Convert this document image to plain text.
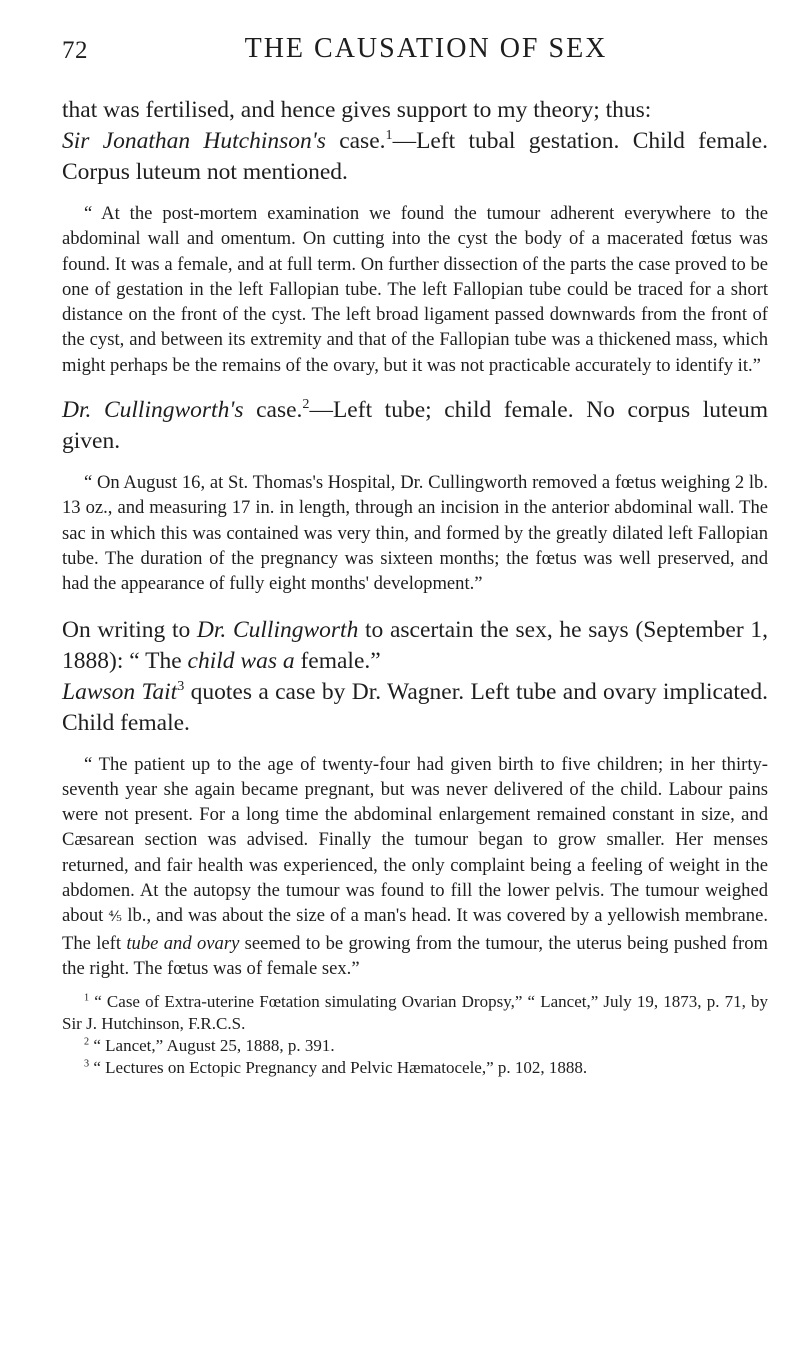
72	THE CAUSATION OF SEX

that was fertilised, and hence gives support to my theory; thus:

Sir Jonathan Hutchinson's case.$^1$—Left tubal gestation. Child female. Corpus luteum not mentioned.

“ At the post-mortem examination we found the tumour adherent everywhere to the abdominal wall and omentum. On cutting into the cyst the body of a macerated fœtus was found. It was a female, and at full term. On further dissection of the parts the case proved to be one of gestation in the left Fallopian tube. The left Fallopian tube could be traced for a short distance on the front of the cyst. The left broad ligament passed downwards from the front of the cyst, and between its extremity and that of the Fallopian tube was a thickened mass, which might perhaps be the remains of the ovary, but it was not practicable accurately to identify it.”

Dr. Cullingworth's case.$^2$—Left tube; child female. No corpus luteum given.

“ On August 16, at St. Thomas's Hospital, Dr. Cullingworth removed a fœtus weighing 2 lb. 13 oz., and measuring 17 in. in length, through an incision in the anterior abdominal wall. The sac in which this was contained was very thin, and formed by the greatly dilated left Fallopian tube. The duration of the pregnancy was sixteen months; the fœtus was well preserved, and had the appearance of fully eight months' development.”

On writing to Dr. Cullingworth to ascertain the sex, he says (September 1, 1888): “ The child was a female.”

Lawson Tait$^3$ quotes a case by Dr. Wagner. Left tube and ovary implicated. Child female.

“ The patient up to the age of twenty-four had given birth to five children; in her thirty-seventh year she again became pregnant, but was never delivered of the child. Labour pains were not present. For a long time the abdominal enlargement remained constant in size, and Cæsarean section was advised. Finally the tumour began to grow smaller. Her menses returned, and fair health was experienced, the only complaint being a feeling of weight in the abdomen. At the autopsy the tumour was found to fill the lower pelvis. The tumour weighed about ⅘ lb., and was about the size of a man's head. It was covered by a yellowish membrane. The left tube and ovary seemed to be growing from the tumour, the uterus being pushed from the right. The fœtus was of female sex.”

$^1$ “ Case of Extra-uterine Fœtation simulating Ovarian Dropsy,” “ Lancet,” July 19, 1873, p. 71, by Sir J. Hutchinson, F.R.C.S.

$^2$ “ Lancet,” August 25, 1888, p. 391.

$^3$ “ Lectures on Ectopic Pregnancy and Pelvic Hæmatocele,” p. 102, 1888.
